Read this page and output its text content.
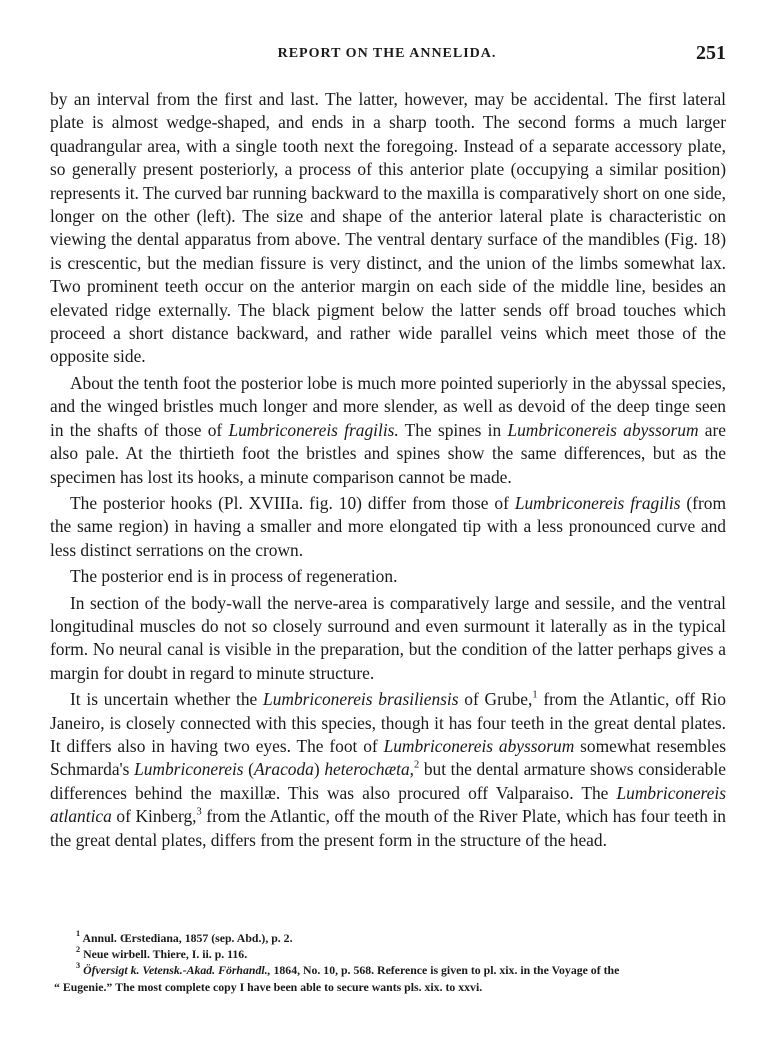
REPORT ON THE ANNELIDA.	251

by an interval from the first and last. The latter, however, may be accidental. The first lateral plate is almost wedge-shaped, and ends in a sharp tooth. The second forms a much larger quadrangular area, with a single tooth next the foregoing. Instead of a separate accessory plate, so generally present posteriorly, a process of this anterior plate (occupying a similar position) represents it. The curved bar running backward to the maxilla is comparatively short on one side, longer on the other (left). The size and shape of the anterior lateral plate is characteristic on viewing the dental apparatus from above. The ventral dentary surface of the mandibles (Fig. 18) is crescentic, but the median fissure is very distinct, and the union of the limbs somewhat lax. Two prominent teeth occur on the anterior margin on each side of the middle line, besides an elevated ridge externally. The black pigment below the latter sends off broad touches which proceed a short distance backward, and rather wide parallel veins which meet those of the opposite side.

About the tenth foot the posterior lobe is much more pointed superiorly in the abyssal species, and the winged bristles much longer and more slender, as well as devoid of the deep tinge seen in the shafts of those of Lumbriconereis fragilis. The spines in Lumbriconereis abyssorum are also pale. At the thirtieth foot the bristles and spines show the same differences, but as the specimen has lost its hooks, a minute comparison cannot be made.

The posterior hooks (Pl. XVIIIa. fig. 10) differ from those of Lumbriconereis fragilis (from the same region) in having a smaller and more elongated tip with a less pronounced curve and less distinct serrations on the crown.

The posterior end is in process of regeneration.

In section of the body-wall the nerve-area is comparatively large and sessile, and the ventral longitudinal muscles do not so closely surround and even surmount it laterally as in the typical form. No neural canal is visible in the preparation, but the condition of the latter perhaps gives a margin for doubt in regard to minute structure.

It is uncertain whether the Lumbriconereis brasiliensis of Grube,$^1$ from the Atlantic, off Rio Janeiro, is closely connected with this species, though it has four teeth in the great dental plates. It differs also in having two eyes. The foot of Lumbriconereis abyssorum somewhat resembles Schmarda's Lumbriconereis (Aracoda) heterochæta,$^2$ but the dental armature shows considerable differences behind the maxillæ. This was also procured off Valparaiso. The Lumbriconereis atlantica of Kinberg,$^3$ from the Atlantic, off the mouth of the River Plate, which has four teeth in the great dental plates, differs from the present form in the structure of the head.

$^1$ Annul. Œrstediana, 1857 (sep. Abd.), p. 2.

$^2$ Neue wirbell. Thiere, I. ii. p. 116.

$^3$ Öfversigt k. Vetensk.-Akad. Förhandl., 1864, No. 10, p. 568. Reference is given to pl. xix. in the Voyage of the

“ Eugenie.” The most complete copy I have been able to secure wants pls. xix. to xxvi.
